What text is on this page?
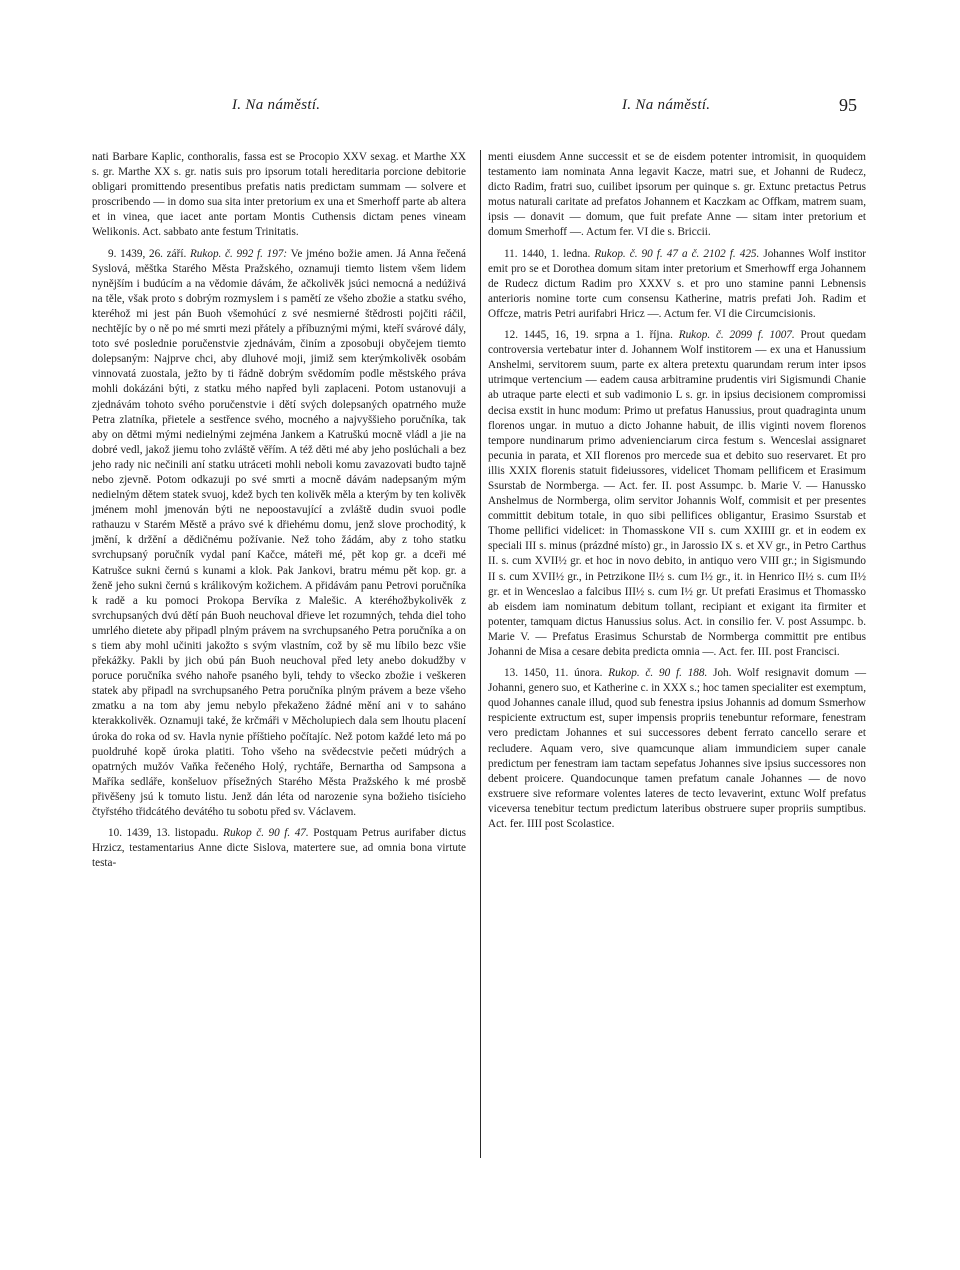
I. Na náměstí.	I. Na náměstí.	95

nati Barbare Kaplic, conthoralis, fassa est se Procopio XXV sexag. et Marthe XX s. gr. Marthe XX s. gr. natis suis pro ipsorum totali hereditaria porcione debitorie obligari promittendo presentibus prefatis natis predictam summam — solvere et proscribendo — in domo sua sita inter pretorium ex una et Smerhoff parte ab altera et in vinea, que iacet ante portam Montis Cuthensis dictam penes vineam Welikonis. Act. sabbato ante festum Trinitatis.

9. 1439, 26. září. Rukop. č. 992 f. 197: Ve jméno božie amen. Já Anna řečená Syslová, měštka Starého Města Pražského, oznamuji tiemto listem všem lidem nynějším i budúcím a na vědomie dávám, že ačkolivěk jsúci nemocná a nedúživá na těle, však proto s dobrým rozmyslem i s pamětí ze všeho zbožie a statku svého, kteréhož mi jest pán Buoh všemohúcí z své nesmierné štědrosti pojčiti ráčil, nechtějíc by o ně po mé smrti mezi přátely a příbuznými mými, kteří svárové dály, toto své poslednie poručenstvie zjednávám, činím a zposobuji obyčejem tiemto dolepsaným: Najprve chci, aby dluhové moji, jimiž sem kterýmkolivěk osobám vinnovatá zuostala, ježto by ti řádně dobrým svědomím podle městského práva mohli dokázáni býti, z statku mého napřed byli zaplaceni. Potom ustanovuji a zjednávám tohoto svého poručenstvie i dětí svých dolepsaných opatrného muže Petra zlatníka, přietele a sestřence svého, mocného a najvyššieho poručníka, tak aby on dětmi mými nedielnými zejména Jankem a Katruškú mocně vládl a jie na dobré vedl, jakož jiemu toho zvláště věřím. A též děti mé aby jeho poslúchali a bez jeho rady nic nečinili aní statku utráceti mohli neboli komu zavazovati budto tajně nebo zjevně. Potom odkazuji po své smrti a mocně dávám nadepsaným mým nedielným dětem statek svuoj, kdež bych ten kolivěk měla a kterým by ten kolivěk jménem mohl jmenován býti ne nepoostavující a zvláště dudin svuoi podle rathauzu v Starém Městě a právo své k dřiehému domu, jenž slove prochoditý, k jmění, k držění a dědičnému požívanie. Než toho žádám, aby z toho statku svrchupsaný poručník vydal paní Kačce, máteři mé, pět kop gr. a dceři mé Katrušce sukni černú s kunami a klok. Pak Jankovi, bratru mému pět kop. gr. a ženě jeho sukni černú s králikovým kožichem. A přidávám panu Petrovi poručníka k radě a ku pomoci Prokopa Bervíka z Malešic. A kteréhožbykolivěk z svrchupsaných dvú dětí pán Buoh neuchoval dřieve let rozumných, tehda diel toho umrlého dietete aby připadl plným právem na svrchupsaného Petra poručníka a on s tiem aby mohl učiniti jakožto s svým vlastním, což by sě mu líbilo bezc všie překážky. Pakli by jich obú pán Buoh neuchoval před lety anebo dokudžby v poruce poručníka svého nahoře psaného byli, tehdy to všecko zbožie i veškeren statek aby připadl na svrchupsaného Petra poručníka plným právem a beze všeho zmatku a na tom aby jemu nebylo překaženo žádné mění ani v to saháno kterakkolivěk. Oznamuji také, že krčmáři v Měcholupiech dala sem lhoutu placení úroka do roka od sv. Havla nynie příštieho počítajíc. Než potom každé leto má po puoldruhé kopě úroka platiti. Toho všeho na svědecstvie pečeti múdrých a opatrných mužóv Vaňka řečeného Holý, rychtáře, Bernartha od Sampsona a Maříka sedláře, konšeluov přísežných Starého Města Pražského k mé prosbě přivěšeny jsú k tomuto listu. Jenž dán léta od narozenie syna božieho tisícieho čtyřstého třidcátého devátého tu sobotu před sv. Václavem.

10. 1439, 13. listopadu. Rukop č. 90 f. 47. Postquam Petrus aurifaber dictus Hrzicz, testamentarius Anne dicte Sislova, matertere sue, ad omnia bona virtute testa-

menti eiusdem Anne successit et se de eisdem potenter intromisit, in quoquidem testamento iam nominata Anna legavit Kacze, matri sue, et Johanni de Rudecz, dicto Radim, fratri suo, cuilibet ipsorum per quinque s. gr. Extunc pretactus Petrus motus naturali caritate ad prefatos Johannem et Kaczkam ac Offkam, matrem suam, ipsis — donavit — domum, que fuit prefate Anne — sitam inter pretorium et domum Smerhoff —. Actum fer. VI die s. Briccii.

11. 1440, 1. ledna. Rukop. č. 90 f. 47 a č. 2102 f. 425. Johannes Wolf institor emit pro se et Dorothea domum sitam inter pretorium et Smerhowff erga Johannem de Rudecz dictum Radim pro XXXV s. et pro uno stamine panni Lebnensis anterioris nomine torte cum consensu Katherine, matris prefati Joh. Radim et Offcze, matris Petri aurifabri Hricz —. Actum fer. VI die Circumcisionis.

12. 1445, 16, 19. srpna a 1. října. Rukop. č. 2099 f. 1007. Prout quedam controversia vertebatur inter d. Johannem Wolf institorem — ex una et Hanussium Anshelmi, servitorem suum, parte ex altera pretextu quarundam rerum inter ipsos utrimque vertencium — eadem causa arbitramine prudentis viri Sigismundi Chanie ab utraque parte electi et sub vadimonio L s. gr. in ipsius decisionem compromissi decisa exstit in hunc modum: Primo ut prefatus Hanussius, prout quadraginta unum florenos ungar. in mutuo a dicto Johanne habuit, de illis viginti novem florenos tempore nundinarum primo advenienciarum circa festum s. Wenceslai assignaret pecunia in parata, et XII florenos pro mercede sua et debito suo reservaret. Et pro illis XXIX florenis statuit fideiussores, videlicet Thomam pellificem et Erasimum Ssurstab de Normberga. — Act. fer. II. post Assumpc. b. Marie V. — Hanussko Anshelmus de Normberga, olim servitor Johannis Wolf, commisit et per presentes committit debitum totale, in quo sibi pellifices obligantur, Erasimo Ssurstab et Thome pellifici videlicet: in Thomasskone VII s. cum XXIIII gr. et in eodem ex speciali III s. minus (prázdné místo) gr., in Jarossio IX s. et XV gr., in Petro Carthus II. s. cum XVII½ gr. et hoc in novo debito, in antiquo vero VIII gr.; in Sigismundo II s. cum XVII½ gr., in Petrzikone II½ s. cum I½ gr., it. in Henrico II½ s. cum II½ gr. et in Wenceslao a falcibus III½ s. cum I½ gr. Ut prefati Erasimus et Thomassko ab eisdem iam nominatum debitum tollant, recipiant et exigant ita firmiter et potenter, tamquam dictus Hanussius solus. Act. in consilio fer. V. post Assumpc. b. Marie V. — Prefatus Erasimus Schurstab de Normberga committit pre entibus Johanni de Misa a cesare debita predicta omnia —. Act. fer. III. post Francisci.

13. 1450, 11. února. Rukop. č. 90 f. 188. Joh. Wolf resignavit domum — Johanni, genero suo, et Katherine c. in XXX s.; hoc tamen specialiter est exemptum, quod Johannes canale illud, quod sub fenestra ipsius Johannis ad domum Ssmerhow respiciente extructum est, super impensis propriis tenebuntur reformare, fenestram vero predictam Johannes et sui successores debent ferrato cancello serare et recludere. Aquam vero, sive quamcunque aliam immundiciem super canale predictum per fenestram iam tactam sepefatus Johannes sive ipsius successores non debent proicere. Quandocunque tamen prefatum canale Johannes — de novo exstruere sive reformare volentes lateres de tecto levaverint, extunc Wolf prefatus viceversa tenebitur tectum predictum lateribus obstruere super propriis sumptibus. Act. fer. IIII post Scolastice.
